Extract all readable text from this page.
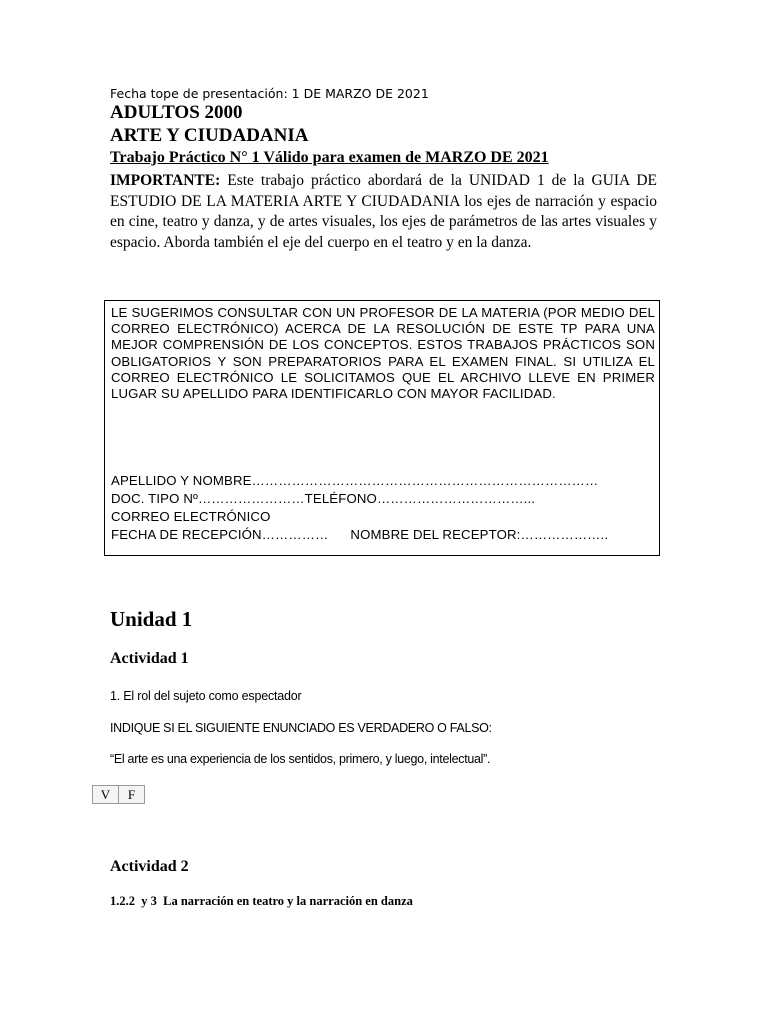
Fecha tope de presentación: 1 DE MARZO DE 2021
ADULTOS 2000
ARTE Y CIUDADANIA
Trabajo Práctico N° 1 Válido para examen de MARZO DE 2021
IMPORTANTE: Este trabajo práctico abordará de la UNIDAD 1 de la GUIA DE ESTUDIO DE LA MATERIA ARTE Y CIUDADANIA los ejes de narración y espacio en cine, teatro y danza, y de artes visuales, los ejes de parámetros de las artes visuales y espacio. Aborda también el eje del cuerpo en el teatro y en la danza.
LE SUGERIMOS CONSULTAR CON UN PROFESOR DE LA MATERIA (POR MEDIO DEL CORREO ELECTRÓNICO) ACERCA DE LA RESOLUCIÓN DE ESTE TP PARA UNA MEJOR COMPRENSIÓN DE LOS CONCEPTOS. ESTOS TRABAJOS PRÁCTICOS SON OBLIGATORIOS Y SON PREPARATORIOS PARA EL EXAMEN FINAL. SI UTILIZA EL CORREO ELECTRÓNICO LE SOLICITAMOS QUE EL ARCHIVO LLEVE EN PRIMER LUGAR SU APELLIDO PARA IDENTIFICARLO CON MAYOR FACILIDAD.
APELLIDO Y NOMBRE……………………………………………………………………
DOC. TIPO Nº……………………TELÉFONO……………………………...
CORREO ELECTRÓNICO
FECHA DE RECEPCIÓN…………… NOMBRE DEL RECEPTOR:………………..
Unidad 1
Actividad 1
1. El rol del sujeto como espectador
INDIQUE SI EL SIGUIENTE ENUNCIADO ES VERDADERO O FALSO:
“El arte es una experiencia de los sentidos, primero, y luego, intelectual”.
V	F
Actividad 2
1.2.2  y 3  La narración en teatro y la narración en danza
